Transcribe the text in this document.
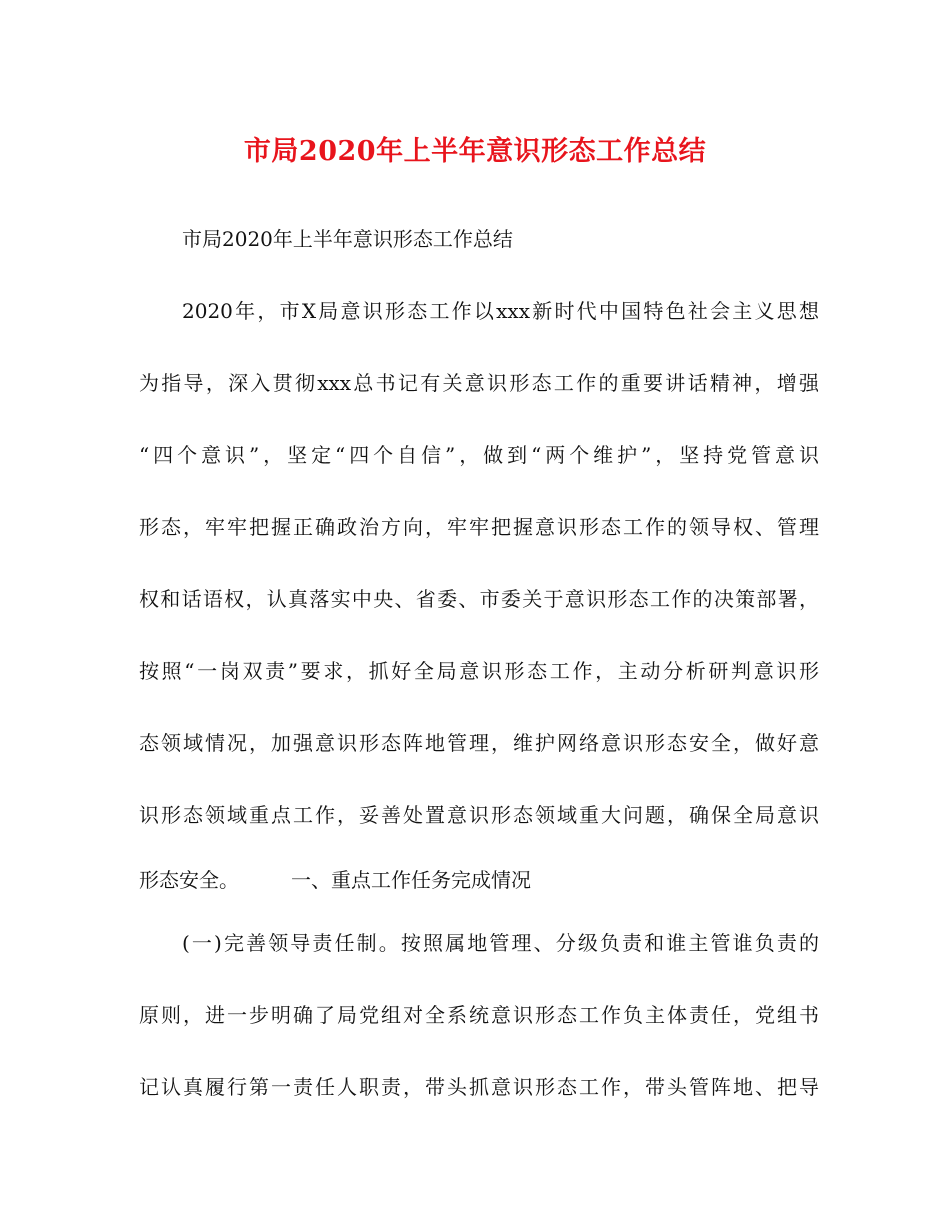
市局2020年上半年意识形态工作总结
市局2020年上半年意识形态工作总结
2020年，市X局意识形态工作以xxx新时代中国特色社会主义思想
为指导，深入贯彻xxx总书记有关意识形态工作的重要讲话精神，增强
“四个意识”，坚定“四个自信”，做到“两个维护”，坚持党管意识
形态，牢牢把握正确政治方向，牢牢把握意识形态工作的领导权、管理
权和话语权，认真落实中央、省委、市委关于意识形态工作的决策部署，
按照“一岗双责”要求，抓好全局意识形态工作，主动分析研判意识形
态领域情况，加强意识形态阵地管理，维护网络意识形态安全，做好意
识形态领域重点工作，妥善处置意识形态领域重大问题，确保全局意识
形态安全。	一、重点工作任务完成情况
(一)完善领导责任制。按照属地管理、分级负责和谁主管谁负责的
原则，进一步明确了局党组对全系统意识形态工作负主体责任，党组书
记认真履行第一责任人职责，带头抓意识形态工作，带头管阵地、把导
